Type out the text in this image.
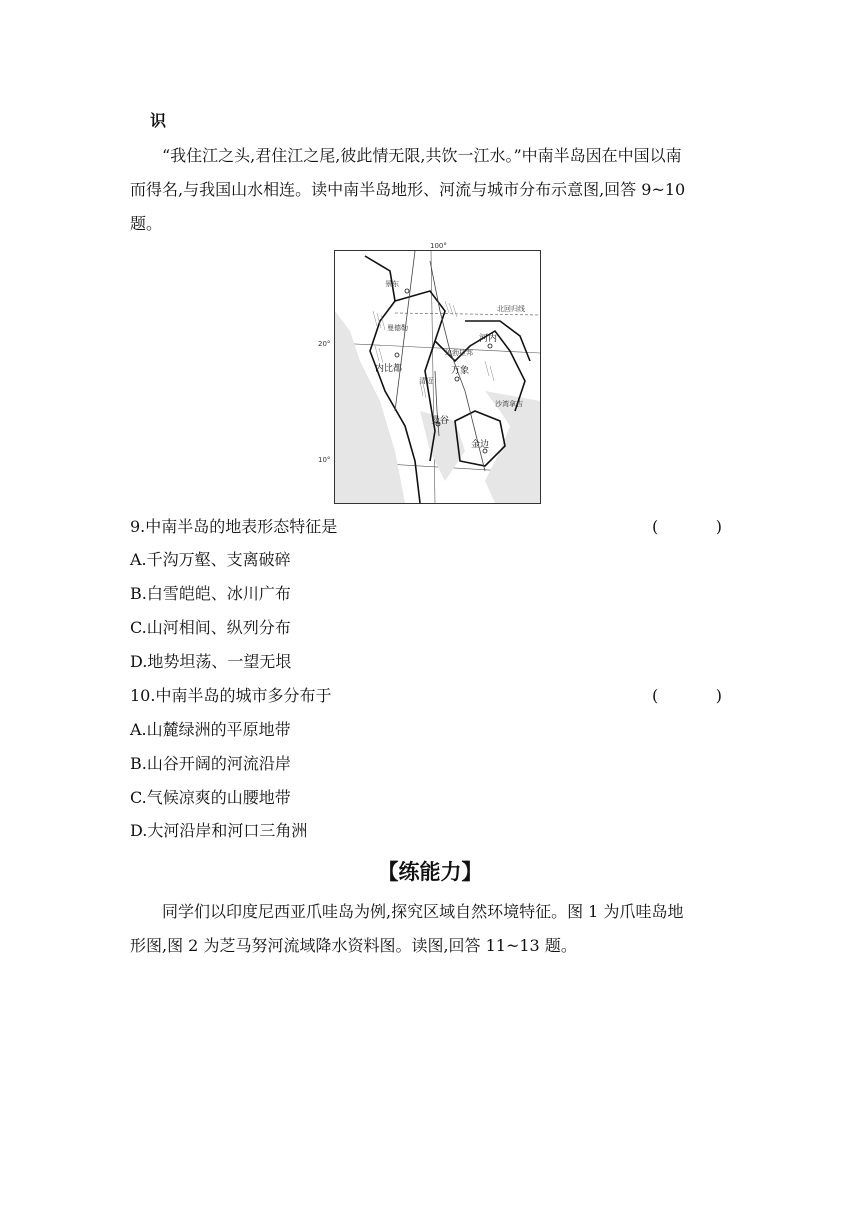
识
“我住江之头,君住江之尾,彼此情无限,共饮一江水。”中南半岛因在中国以南
而得名,与我国山水相连。读中南半岛地形、河流与城市分布示意图,回答 9~10
题。
100°
景东
曼德勒
内比都
河内
琅勃拉邦
万象
沙湾拿吉
曼谷
金边
清迈
北回归线
20°
10°
9.中南半岛的地表形态特征是	(	)
A.千沟万壑、支离破碎
B.白雪皑皑、冰川广布
C.山河相间、纵列分布
D.地势坦荡、一望无垠
10.中南半岛的城市多分布于	(	)
A.山麓绿洲的平原地带
B.山谷开阔的河流沿岸
C.气候凉爽的山腰地带
D.大河沿岸和河口三角洲
【练能力】
同学们以印度尼西亚爪哇岛为例,探究区域自然环境特征。图 1 为爪哇岛地
形图,图 2 为芝马努河流域降水资料图。读图,回答 11~13 题。
